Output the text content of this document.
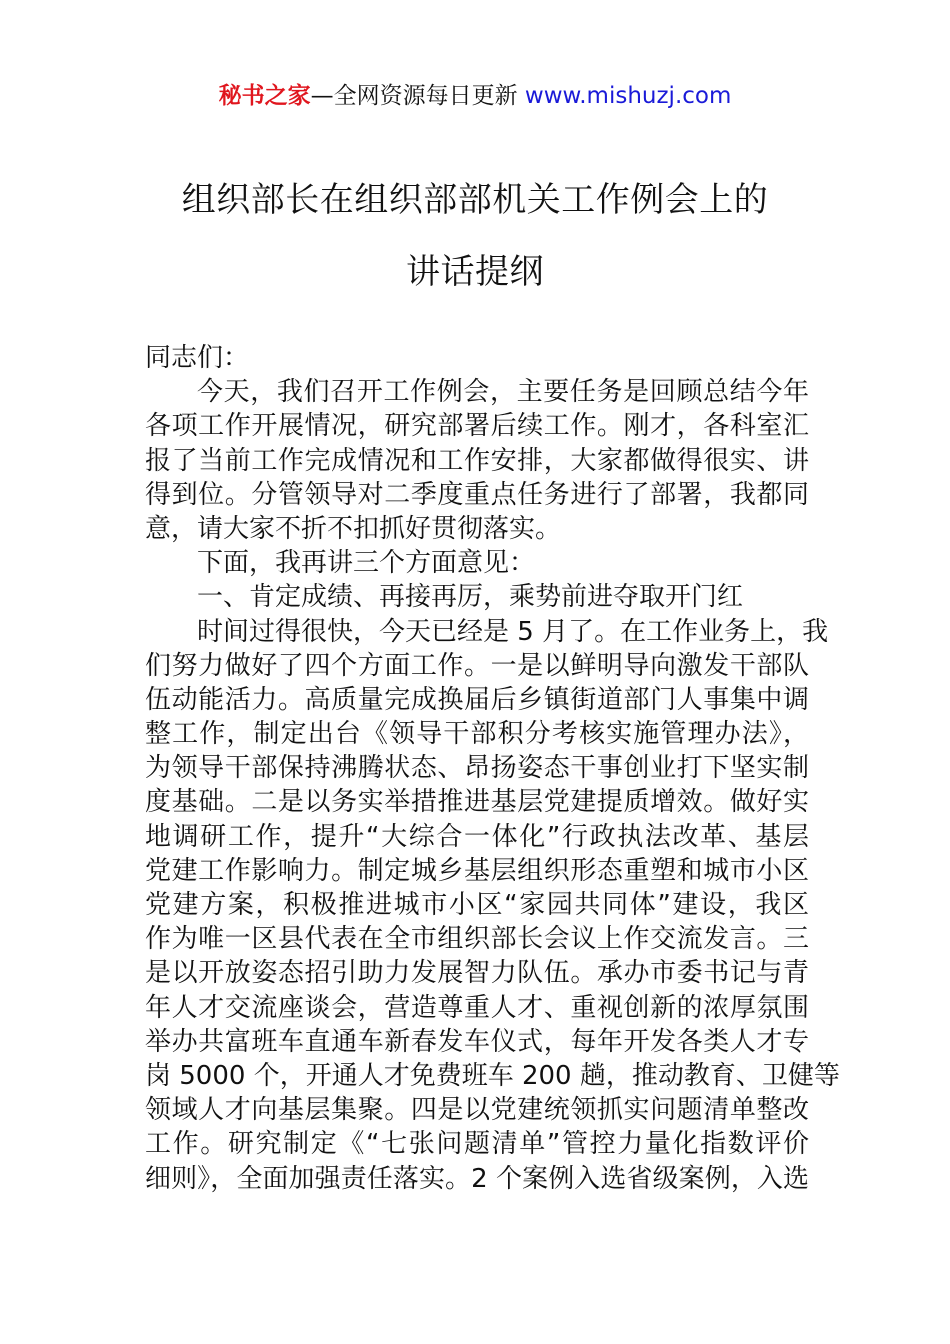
秘书之家—全网资源每日更新 www.mishuzj.com
组织部长在组织部部机关工作例会上的
讲话提纲
同志们：
今天，我们召开工作例会，主要任务是回顾总结今年
各项工作开展情况，研究部署后续工作。刚才，各科室汇
报了当前工作完成情况和工作安排，大家都做得很实、讲
得到位。分管领导对二季度重点任务进行了部署，我都同
意，请大家不折不扣抓好贯彻落实。
下面，我再讲三个方面意见：
一、肯定成绩、再接再厉，乘势前进夺取开门红
时间过得很快，今天已经是 5 月了。在工作业务上，我
们努力做好了四个方面工作。一是以鲜明导向激发干部队
伍动能活力。高质量完成换届后乡镇街道部门人事集中调
整工作，制定出台《领导干部积分考核实施管理办法》，
为领导干部保持沸腾状态、昂扬姿态干事创业打下坚实制
度基础。二是以务实举措推进基层党建提质增效。做好实
地调研工作，提升“大综合一体化”行政执法改革、基层
党建工作影响力。制定城乡基层组织形态重塑和城市小区
党建方案，积极推进城市小区“家园共同体”建设，我区
作为唯一区县代表在全市组织部长会议上作交流发言。三
是以开放姿态招引助力发展智力队伍。承办市委书记与青
年人才交流座谈会，营造尊重人才、重视创新的浓厚氛围
举办共富班车直通车新春发车仪式，每年开发各类人才专
岗 5000 个，开通人才免费班车 200 趟，推动教育、卫健等
领域人才向基层集聚。四是以党建统领抓实问题清单整改
工作。研究制定《“七张问题清单”管控力量化指数评价
细则》，全面加强责任落实。2 个案例入选省级案例，入选
